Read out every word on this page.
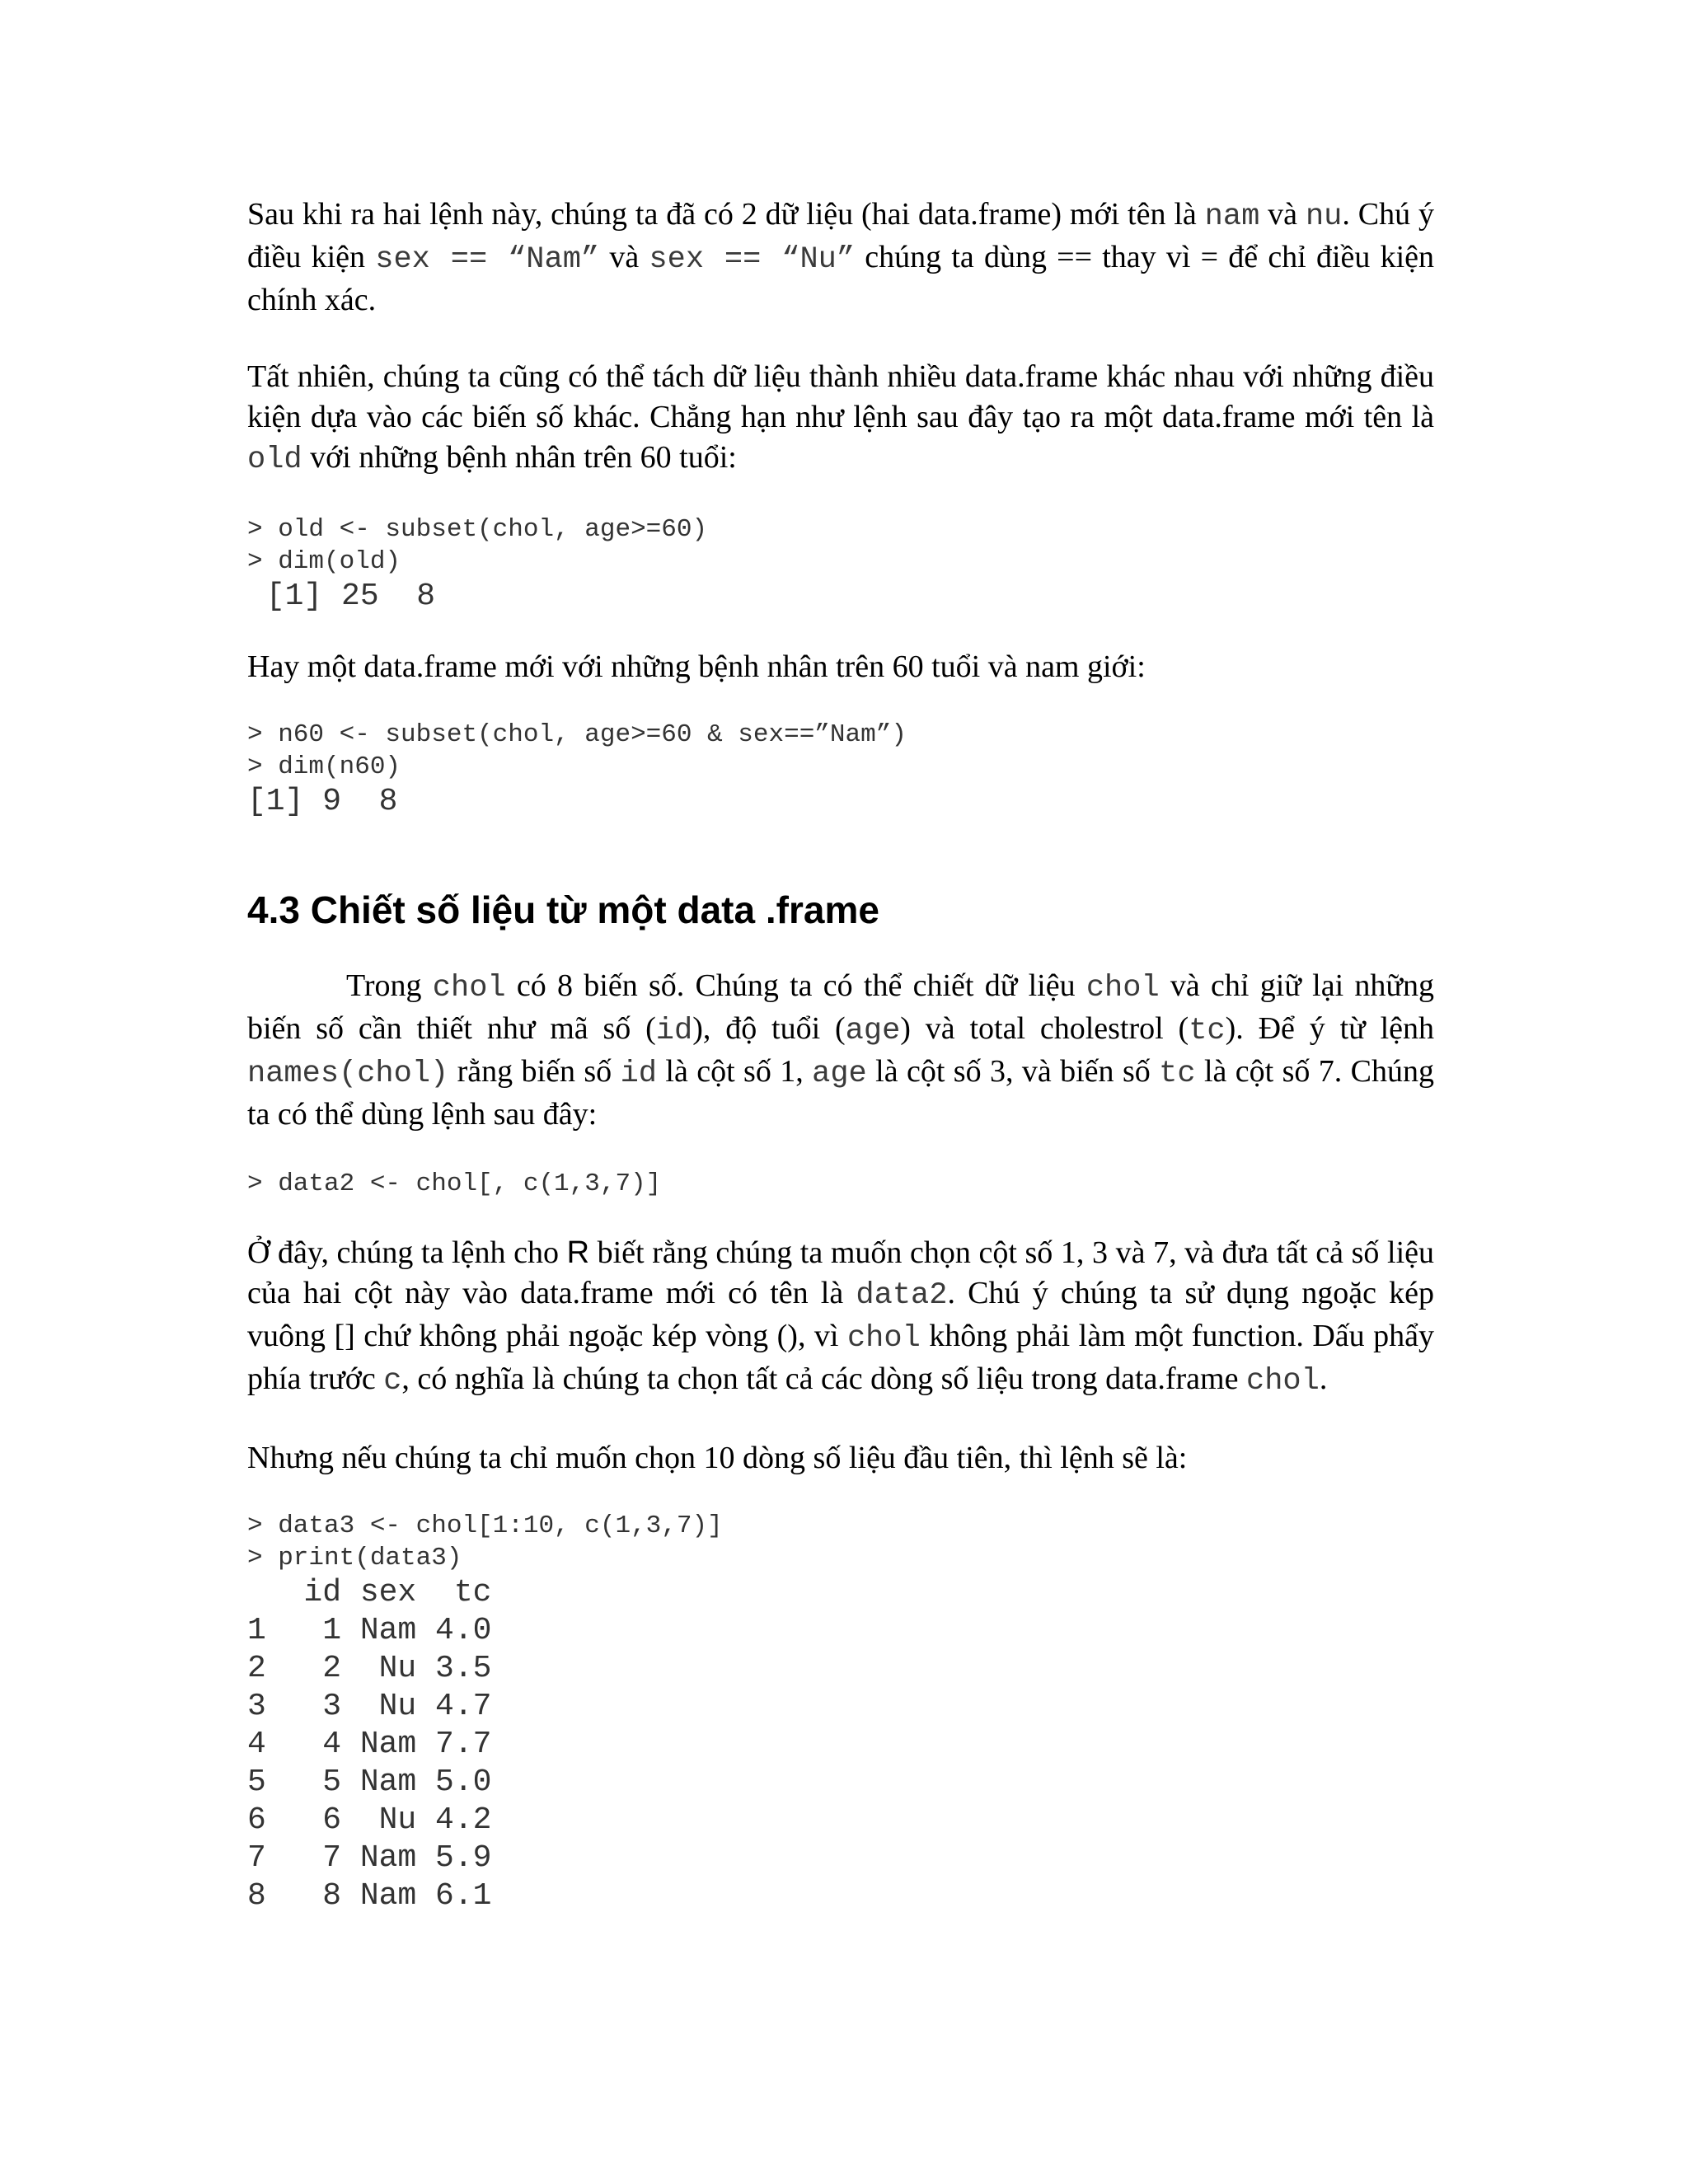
Sau khi ra hai lệnh này, chúng ta đã có 2 dữ liệu (hai data.frame) mới tên là nam và nu. Chú ý điều kiện sex == “Nam” và sex == “Nu” chúng ta dùng == thay vì = để chỉ điều kiện chính xác.

Tất nhiên, chúng ta cũng có thể tách dữ liệu thành nhiều data.frame khác nhau với những điều kiện dựa vào các biến số khác. Chẳng hạn như lệnh sau đây tạo ra một data.frame mới tên là old với những bệnh nhân trên 60 tuổi:

> old <- subset(chol, age>=60)
> dim(old)
[1] 25  8

Hay một data.frame mới với những bệnh nhân trên 60 tuổi và nam giới:

> n60 <- subset(chol, age>=60 & sex==”Nam”)
> dim(n60)
[1] 9  8
4.3 Chiết số liệu từ một data .frame

Trong chol có 8 biến số. Chúng ta có thể chiết dữ liệu chol và chỉ giữ lại những biến số cần thiết như mã số (id), độ tuổi (age) và total cholestrol (tc). Để ý từ lệnh names(chol) rằng biến số id là cột số 1, age là cột số 3, và biến số tc là cột số 7. Chúng ta có thể dùng lệnh sau đây:

> data2 <- chol[, c(1,3,7)]

Ở đây, chúng ta lệnh cho R biết rằng chúng ta muốn chọn cột số 1, 3 và 7, và đưa tất cả số liệu của hai cột này vào data.frame mới có tên là data2. Chú ý chúng ta sử dụng ngoặc kép vuông [] chứ không phải ngoặc kép vòng (), vì chol không phải làm một function. Dấu phẩy phía trước c, có nghĩa là chúng ta chọn tất cả các dòng số liệu trong data.frame chol.

Nhưng nếu chúng ta chỉ muốn chọn 10 dòng số liệu đầu tiên, thì lệnh sẽ là:

> data3 <- chol[1:10, c(1,3,7)]
> print(data3)
id sex  tc
1   1 Nam 4.0
2   2  Nu 3.5
3   3  Nu 4.7
4   4 Nam 7.7
5   5 Nam 5.0
6   6  Nu 4.2
7   7 Nam 5.9
8   8 Nam 6.1
